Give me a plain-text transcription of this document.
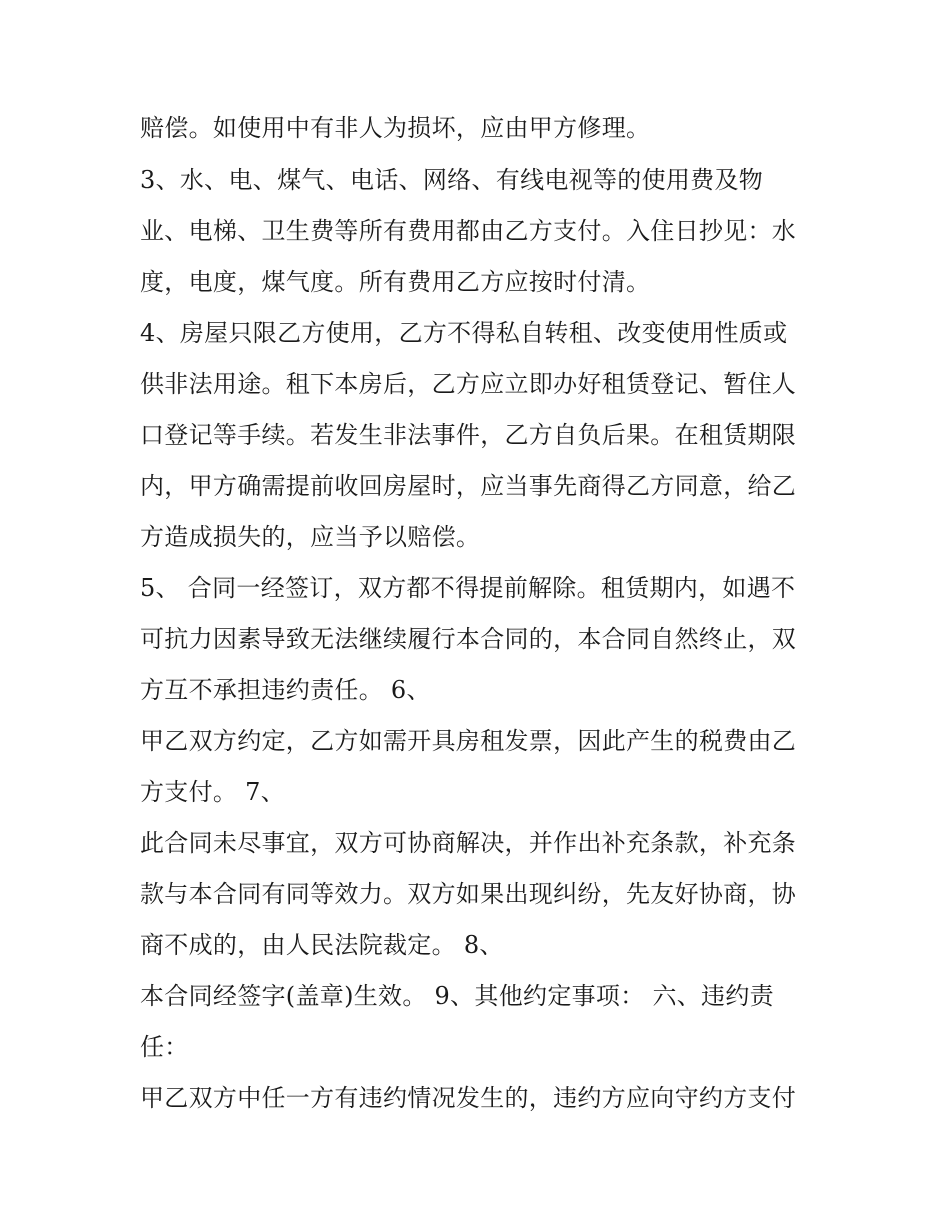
赔偿。如使用中有非人为损坏，应由甲方修理。
3、水、电、煤气、电话、网络、有线电视等的使用费及物
业、电梯、卫生费等所有费用都由乙方支付。入住日抄见：水
度，电度，煤气度。所有费用乙方应按时付清。
4、房屋只限乙方使用，乙方不得私自转租、改变使用性质或
供非法用途。租下本房后，乙方应立即办好租赁登记、暂住人
口登记等手续。若发生非法事件，乙方自负后果。在租赁期限
内，甲方确需提前收回房屋时，应当事先商得乙方同意，给乙
方造成损失的，应当予以赔偿。
5、 合同一经签订，双方都不得提前解除。租赁期内，如遇不
可抗力因素导致无法继续履行本合同的，本合同自然终止，双
方互不承担违约责任。 6、
甲乙双方约定，乙方如需开具房租发票，因此产生的税费由乙
方支付。 7、
此合同未尽事宜，双方可协商解决，并作出补充条款，补充条
款与本合同有同等效力。双方如果出现纠纷，先友好协商，协
商不成的，由人民法院裁定。 8、
本合同经签字(盖章)生效。 9、其他约定事项： 六、违约责
任：
甲乙双方中任一方有违约情况发生的，违约方应向守约方支付
